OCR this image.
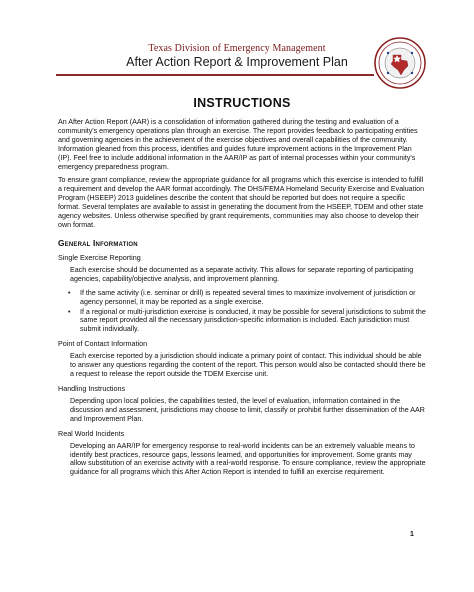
Texas Division of Emergency Management
After Action Report & Improvement Plan
INSTRUCTIONS

An After Action Report (AAR) is a consolidation of information gathered during the testing and evaluation of a community's emergency operations plan through an exercise. The report provides feedback to participating entities and governing agencies in the achievement of the exercise objectives and overall capabilities of the community. Information gleaned from this process, identifies and guides future improvement actions in the Improvement Plan (IP). Feel free to include additional information in the AAR/IP as part of internal processes within your community's emergency preparedness program.

To ensure grant compliance, review the appropriate guidance for all programs which this exercise is intended to fulfill a requirement and develop the AAR format accordingly. The DHS/FEMA Homeland Security Exercise and Evaluation Program (HSEEP) 2013 guidelines describe the content that should be reported but does not require a specific format. Several templates are available to assist in generating the document from the HSEEP, TDEM and other state agency websites. Unless otherwise specified by grant requirements, communities may also choose to develop their own format.

General Information
Single Exercise Reporting

Each exercise should be documented as a separate activity. This allows for separate reporting of participating agencies, capability/objective analysis, and improvement planning.

• If the same activity (i.e. seminar or drill) is repeated several times to maximize involvement of jurisdiction or agency personnel, it may be reported as a single exercise.
• If a regional or multi-jurisdiction exercise is conducted, it may be possible for several jurisdictions to submit the same report provided all the necessary jurisdiction-specific information is included. Each jurisdiction must submit individually.
Point of Contact Information

Each exercise reported by a jurisdiction should indicate a primary point of contact. This individual should be able to answer any questions regarding the content of the report. This person would also be contacted should there be a request to release the report outside the TDEM Exercise unit.

Handling Instructions

Depending upon local policies, the capabilities tested, the level of evaluation, information contained in the discussion and assessment, jurisdictions may choose to limit, classify or prohibit further dissemination of the AAR and Improvement Plan.

Real World Incidents

Developing an AAR/IP for emergency response to real-world incidents can be an extremely valuable means to identify best practices, resource gaps, lessons learned, and opportunities for improvement. Some grants may allow substitution of an exercise activity with a real-world response. To ensure compliance, review the appropriate guidance for all programs which this After Action Report is intended to fulfill an exercise requirement.

1
